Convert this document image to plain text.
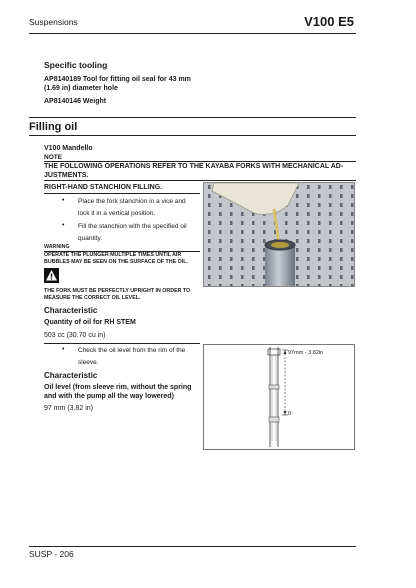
Suspensions	V100 E5
Specific tooling
AP8140189 Tool for fitting oil seal for 43 mm
(1.69 in) diameter hole
AP8140146 Weight
Filling oil
V100 Mandello
NOTE
THE FOLLOWING OPERATIONS REFER TO THE KAYABA FORKS WITH MECHANICAL AD-
JUSTMENTS.
RIGHT-HAND STANCHION FILLING.
• Place the fork stanchion in a vice and
lock it in a vertical position.
• Fill the stanchion with the specified oil
quantity.
WARNING
OPERATE THE PLUNGER MULTIPLE TIMES UNTIL AIR
BUBBLES MAY BE SEEN ON THE SURFACE OF THE OIL.
THE FORK MUST BE PERFECTLY UPRIGHT IN ORDER TO
MEASURE THE CORRECT OIL LEVEL.
Characteristic
Quantity of oil for RH STEM
503 cc (30.70 cu in)
• Check the oil level from the rim of the
sleeve.
Characteristic
Oil level (from sleeve rim, without the spring
and with the pump all the way lowered)
97 mm (3.82 in)
97mm - 3.82in
0
SUSP - 206
